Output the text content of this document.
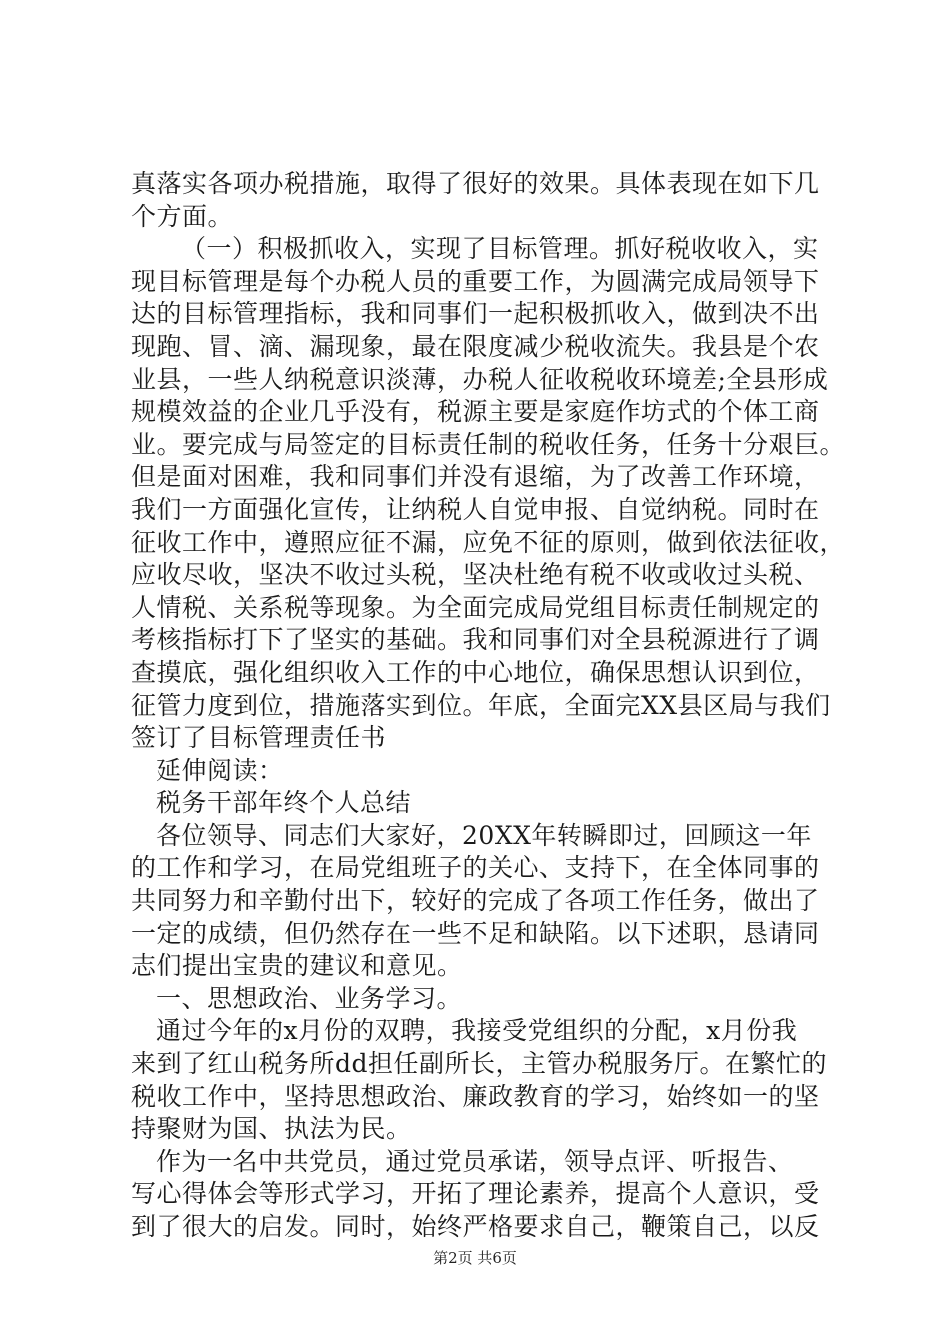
真落实各项办税措施，取得了很好的效果。具体表现在如下几
个方面。
（一）积极抓收入，实现了目标管理。抓好税收收入，实
现目标管理是每个办税人员的重要工作，为圆满完成局领导下
达的目标管理指标，我和同事们一起积极抓收入，做到决不出
现跑、冒、滴、漏现象，最在限度减少税收流失。我县是个农
业县，一些人纳税意识淡薄，办税人征收税收环境差;全县形成
规模效益的企业几乎没有，税源主要是家庭作坊式的个体工商
业。要完成与局签定的目标责任制的税收任务，任务十分艰巨。
但是面对困难，我和同事们并没有退缩，为了改善工作环境，
我们一方面强化宣传，让纳税人自觉申报、自觉纳税。同时在
征收工作中，遵照应征不漏，应免不征的原则，做到依法征收，
应收尽收，坚决不收过头税，坚决杜绝有税不收或收过头税、
人情税、关系税等现象。为全面完成局党组目标责任制规定的
考核指标打下了坚实的基础。我和同事们对全县税源进行了调
查摸底，强化组织收入工作的中心地位，确保思想认识到位，
征管力度到位，措施落实到位。年底，全面完XX县区局与我们
签订了目标管理责任书
延伸阅读：
税务干部年终个人总结
各位领导、同志们大家好，20XX年转瞬即过，回顾这一年
的工作和学习，在局党组班子的关心、支持下，在全体同事的
共同努力和辛勤付出下，较好的完成了各项工作任务，做出了
一定的成绩，但仍然存在一些不足和缺陷。以下述职，恳请同
志们提出宝贵的建议和意见。
一、思想政治、业务学习。
通过今年的x月份的双聘，我接受党组织的分配，x月份我
来到了红山税务所dd担任副所长，主管办税服务厅。在繁忙的
税收工作中，坚持思想政治、廉政教育的学习，始终如一的坚
持聚财为国、执法为民。
作为一名中共党员，通过党员承诺，领导点评、听报告、
写心得体会等形式学习，开拓了理论素养，提高个人意识，受
到了很大的启发。同时，始终严格要求自己，鞭策自己，以反
第2页 共6页
